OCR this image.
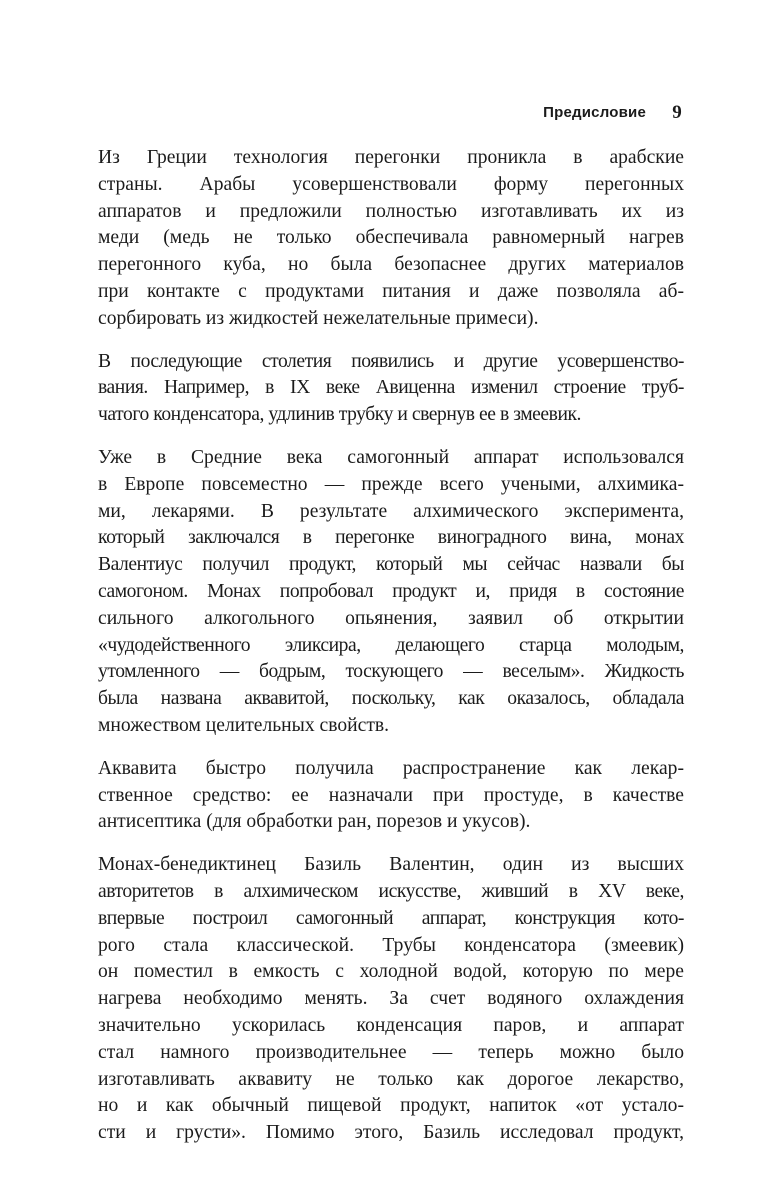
Предисловие 9

Из Греции технология перегонки проникла в арабские
страны. Арабы усовершенствовали форму перегонных
аппаратов и предложили полностью изготавливать их из
меди (медь не только обеспечивала равномерный нагрев
перегонного куба, но была безопаснее других материалов
при контакте с продуктами питания и даже позволяла аб-
сорбировать из жидкостей нежелательные примеси).

В последующие столетия появились и другие усовершенство-
вания. Например, в IX веке Авиценна изменил строение труб-
чатого конденсатора, удлинив трубку и свернув ее в змеевик.

Уже в Средние века самогонный аппарат использовался
в Европе повсеместно — прежде всего учеными, алхимика-
ми, лекарями. В результате алхимического эксперимента,
который заключался в перегонке виноградного вина, монах
Валентиус получил продукт, который мы сейчас назвали бы
самогоном. Монах попробовал продукт и, придя в состояние
сильного алкогольного опьянения, заявил об открытии
«чудодейственного эликсира, делающего старца молодым,
утомленного — бодрым, тоскующего — веселым». Жидкость
была названа аквавитой, поскольку, как оказалось, обладала
множеством целительных свойств.

Аквавита быстро получила распространение как лекар-
ственное средство: ее назначали при простуде, в качестве
антисептика (для обработки ран, порезов и укусов).

Монах-бенедиктинец Базиль Валентин, один из высших
авторитетов в алхимическом искусстве, живший в XV веке,
впервые построил самогонный аппарат, конструкция кото-
рого стала классической. Трубы конденсатора (змеевик)
он поместил в емкость с холодной водой, которую по мере
нагрева необходимо менять. За счет водяного охлаждения
значительно ускорилась конденсация паров, и аппарат
стал намного производительнее — теперь можно было
изготавливать аквавиту не только как дорогое лекарство,
но и как обычный пищевой продукт, напиток «от устало-
сти и грусти». Помимо этого, Базиль исследовал продукт,
